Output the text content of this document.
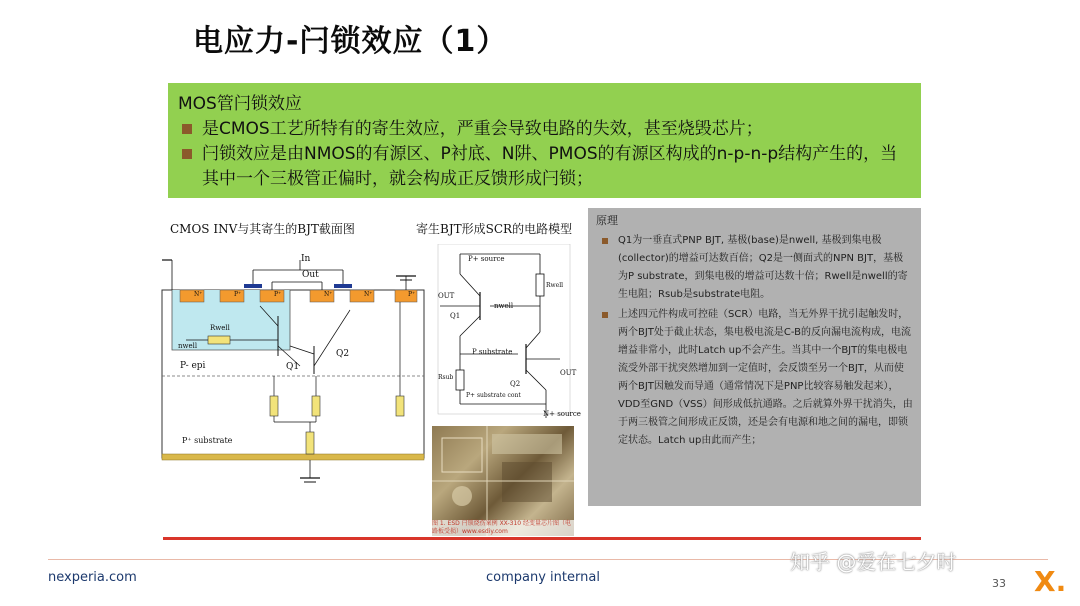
电应力-闩锁效应（1）
MOS管闩锁效应
是CMOS工艺所特有的寄生效应，严重会导致电路的失效，甚至烧毁芯片；
闩锁效应是由NMOS的有源区、P衬底、N阱、PMOS的有源区构成的n-p-n-p结构产生的，当其中一个三极管正偏时，就会构成正反馈形成闩锁；
CMOS INV与其寄生的BJT截面图	寄生BJT形成SCR的电路模型
In
Out
N⁺	P⁺	P⁺	N⁺	N⁺	P⁺
Rwell
nwell
Q1
Q2
P- epi
P⁺ substrate
P+ source
OUT
Rwell
nwell
Q1
P substrate
Rsub
Q2
OUT
P+ substrate cont
N+ source
图 1. ESD 闩锁烧伤案例 XX-310 经变量芯片图（电路板受损）www.esdiy.com
原理
Q1为一垂直式PNP BJT, 基极(base)是nwell, 基极到集电极(collector)的增益可达数百倍；Q2是一侧面式的NPN BJT，基极为P substrate，到集电极的增益可达数十倍；Rwell是nwell的寄生电阻；Rsub是substrate电阻。
上述四元件构成可控硅（SCR）电路，当无外界干扰引起触发时，两个BJT处于截止状态，集电极电流是C-B的反向漏电流构成，电流增益非常小，此时Latch up不会产生。当其中一个BJT的集电极电流受外部干扰突然增加到一定值时，会反馈至另一个BJT，从而使两个BJT因触发而导通（通常情况下是PNP比较容易触发起来），VDD至GND（VSS）间形成低抗通路。之后就算外界干扰消失，由于两三极管之间形成正反馈，还是会有电源和地之间的漏电，即锁定状态。Latch up由此而产生；
nexperia.com	company internal
知乎 @爱在七夕时
33 X.
